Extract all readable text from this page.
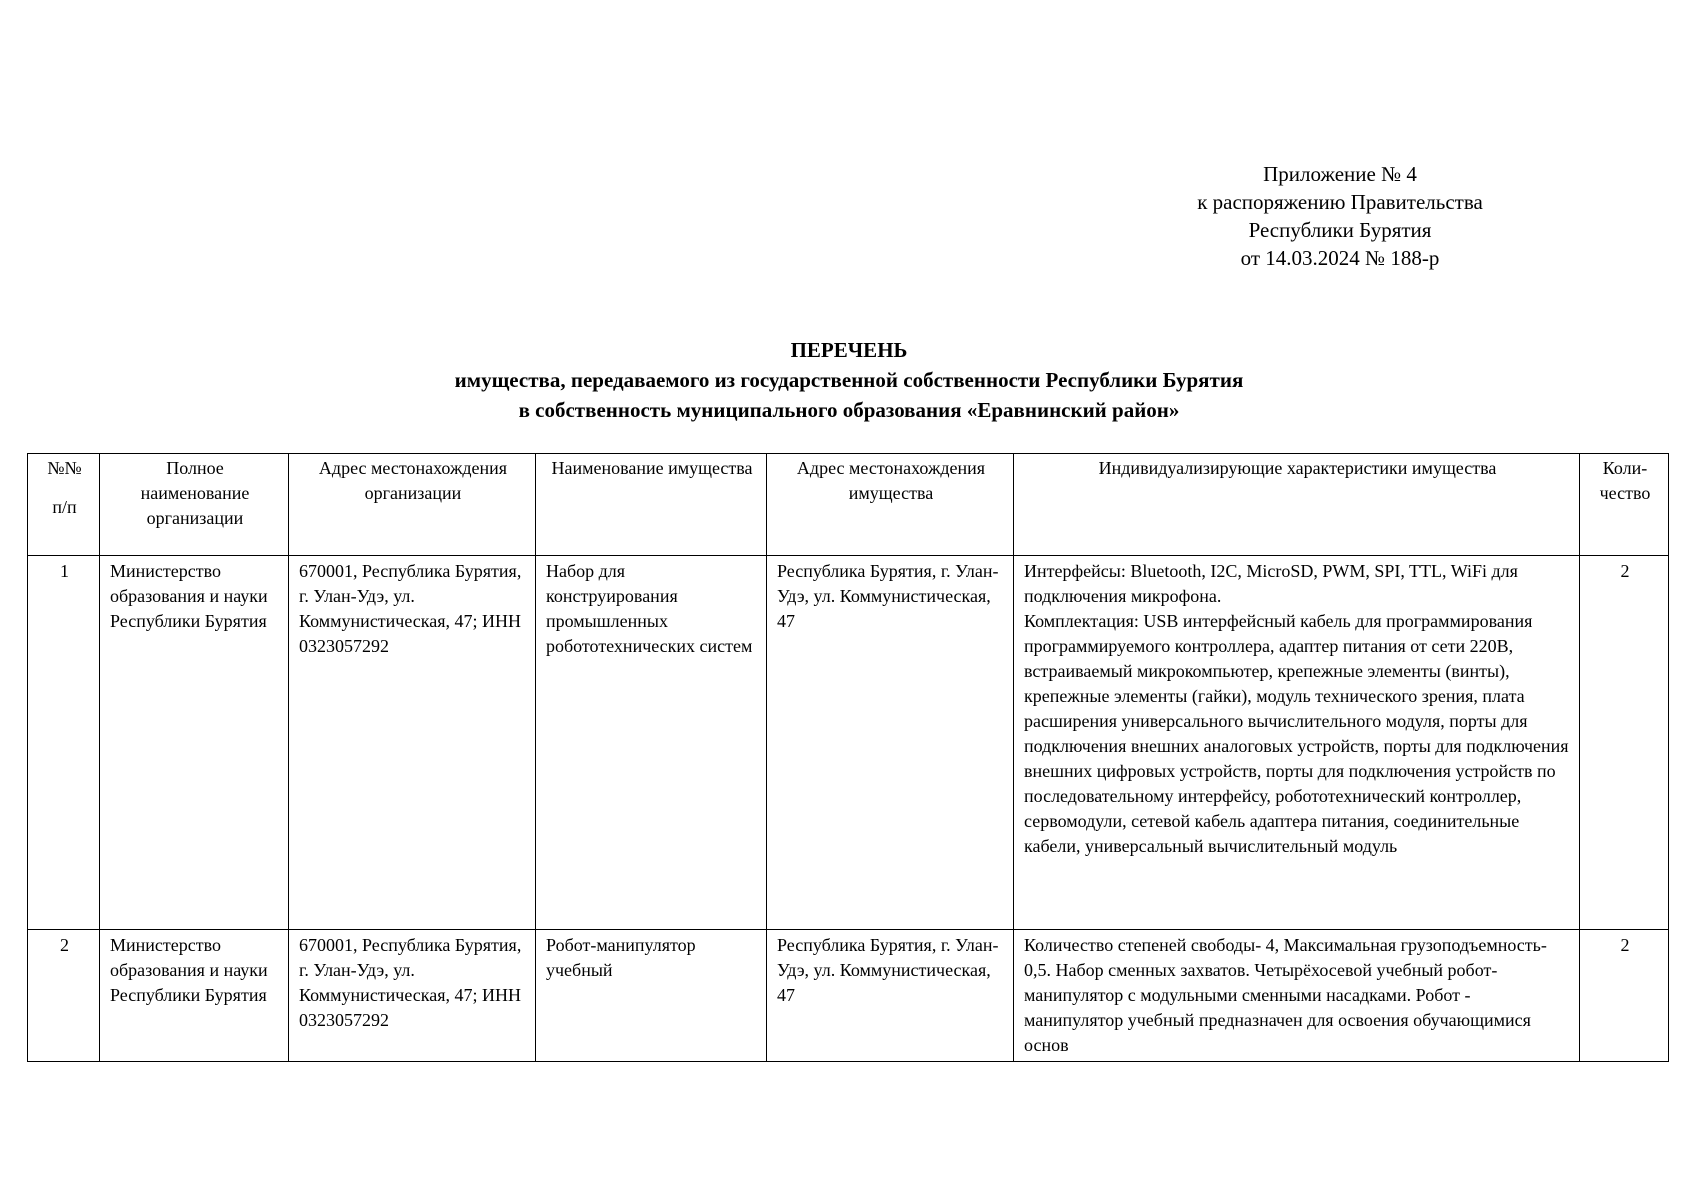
Приложение № 4
к распоряжению Правительства
Республики Бурятия
от 14.03.2024 № 188-р
ПЕРЕЧЕНЬ
имущества, передаваемого из государственной собственности Республики Бурятия
в собственность муниципального образования «Еравнинский район»
№№
п/п	Полное наименование организации	Адрес местонахождения организации	Наименование имущества	Адрес местонахождения имущества	Индивидуализирующие характеристики имущества	Коли-
чество

1	Министерство образования и науки Республики Бурятия	670001, Республика Бурятия, г. Улан-Удэ, ул. Коммунистическая, 47; ИНН 0323057292	Набор для конструирования промышленных робототехнических систем	Республика Бурятия, г. Улан-Удэ, ул. Коммунистическая, 47	Интерфейсы: Bluetooth, I2C, MicroSD, PWM, SPI, TTL, WiFi для подключения микрофона.
Комплектация: USB интерфейсный кабель для программирования программируемого контроллера, адаптер питания от сети 220В, встраиваемый микрокомпьютер, крепежные элементы (винты), крепежные элементы (гайки), модуль технического зрения, плата расширения универсального вычислительного модуля, порты для подключения внешних аналоговых устройств, порты для подключения внешних цифровых устройств, порты для подключения устройств по последовательному интерфейсу, робототехнический контроллер, сервомодули, сетевой кабель адаптера питания, соединительные кабели, универсальный вычислительный модуль	2
2	Министерство образования и науки Республики Бурятия	670001, Республика Бурятия, г. Улан-Удэ, ул. Коммунистическая, 47; ИНН 0323057292	Робот-манипулятор учебный	Республика Бурятия, г. Улан-Удэ, ул. Коммунистическая, 47	Количество степеней свободы- 4, Максимальная грузоподъемность- 0,5. Набор сменных захватов. Четырёхосевой учебный робот-манипулятор с модульными сменными насадками. Робот - манипулятор учебный предназначен для освоения обучающимися основ	2
